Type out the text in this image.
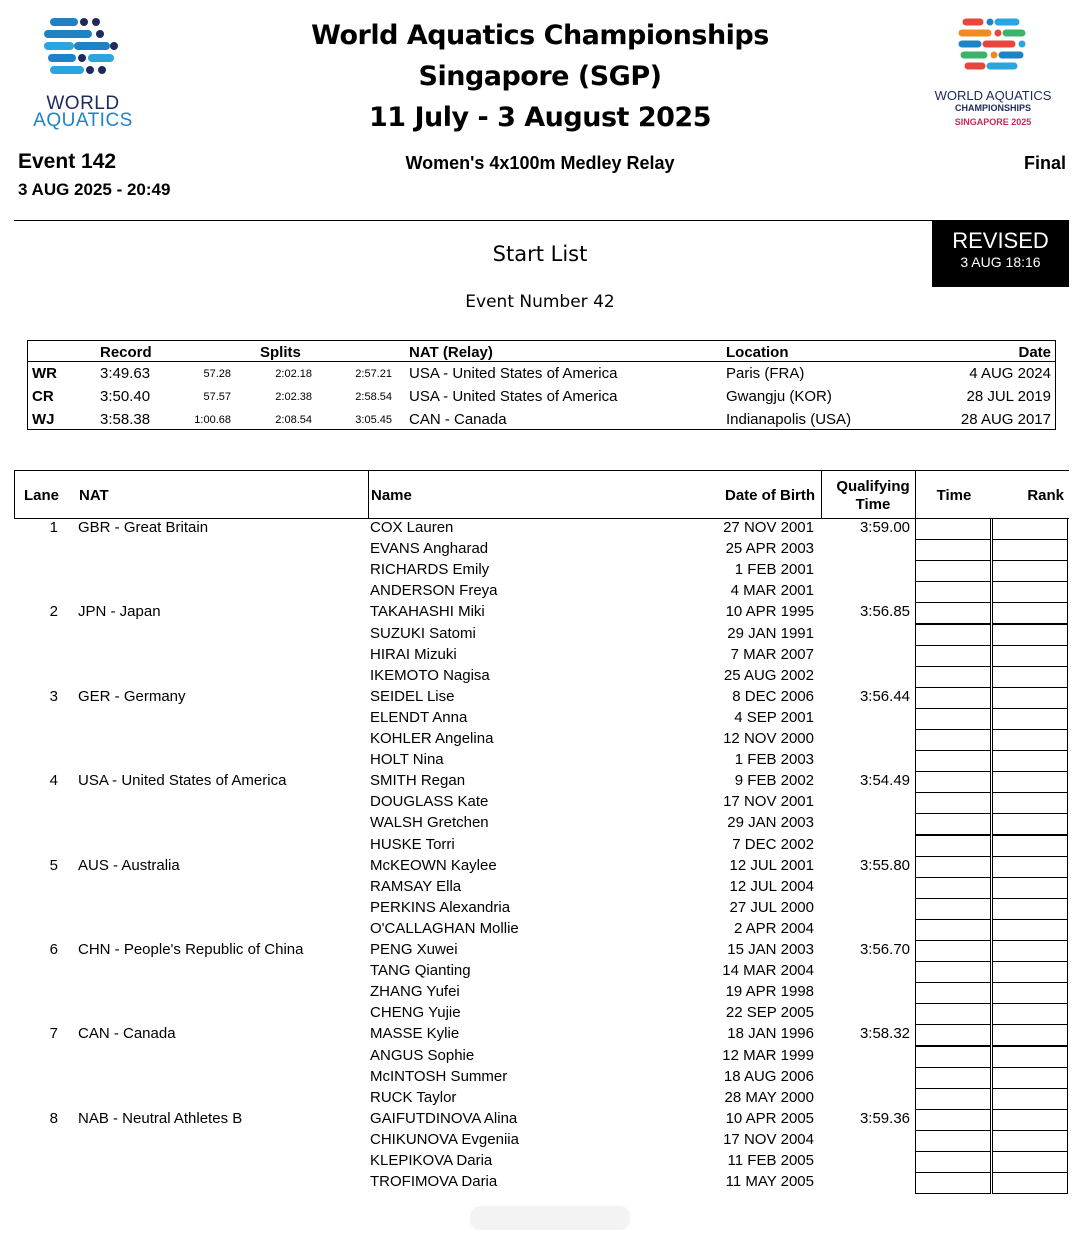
WORLD
AQUATICS
World Aquatics Championships
Singapore (SGP)
11 July - 3 August 2025
WORLD AQUATICS
CHAMPIONSHIPS
SINGAPORE 2025
Event 142
3 AUG 2025 - 20:49
Women's 4x100m Medley Relay	Final
REVISED
3 AUG 18:16
Start List
Event Number 42
Record	Splits	NAT (Relay)	Location	Date
WR	3:49.63	57.28	2:02.18	2:57.21 USA - United States of America	Paris (FRA)	4 AUG 2024
CR	3:50.40	57.57	2:02.38	2:58.54 USA - United States of America	Gwangju (KOR)	28 JUL 2019
WJ	3:58.38	1:00.68	2:08.54	3:05.45 CAN - Canada	Indianapolis (USA)	28 AUG 2017
Lane NAT	Name	Date of Birth
Qualifying
Time
Time	Rank
1 GBR - Great Britain	3:59.00
COX Lauren	27 NOV 2001
EVANS Angharad	25 APR 2003
RICHARDS Emily	1 FEB 2001
ANDERSON Freya	4 MAR 2001
2 JPN - Japan	3:56.85
TAKAHASHI Miki	10 APR 1995
SUZUKI Satomi	29 JAN 1991
HIRAI Mizuki	7 MAR 2007
IKEMOTO Nagisa	25 AUG 2002
3 GER - Germany	3:56.44
SEIDEL Lise	8 DEC 2006
ELENDT Anna	4 SEP 2001
KOHLER Angelina	12 NOV 2000
HOLT Nina	1 FEB 2003
4 USA - United States of America	3:54.49
SMITH Regan	9 FEB 2002
DOUGLASS Kate	17 NOV 2001
WALSH Gretchen	29 JAN 2003
HUSKE Torri	7 DEC 2002
5 AUS - Australia	3:55.80
McKEOWN Kaylee	12 JUL 2001
RAMSAY Ella	12 JUL 2004
PERKINS Alexandria	27 JUL 2000
O'CALLAGHAN Mollie	2 APR 2004
6 CHN - People's Republic of China	3:56.70
PENG Xuwei	15 JAN 2003
TANG Qianting	14 MAR 2004
ZHANG Yufei	19 APR 1998
CHENG Yujie	22 SEP 2005
7 CAN - Canada	3:58.32
MASSE Kylie	18 JAN 1996
ANGUS Sophie	12 MAR 1999
McINTOSH Summer	18 AUG 2006
RUCK Taylor	28 MAY 2000
8 NAB - Neutral Athletes B	3:59.36
GAIFUTDINOVA Alina	10 APR 2005
CHIKUNOVA Evgeniia	17 NOV 2004
KLEPIKOVA Daria	11 FEB 2005
TROFIMOVA Daria	11 MAY 2005
